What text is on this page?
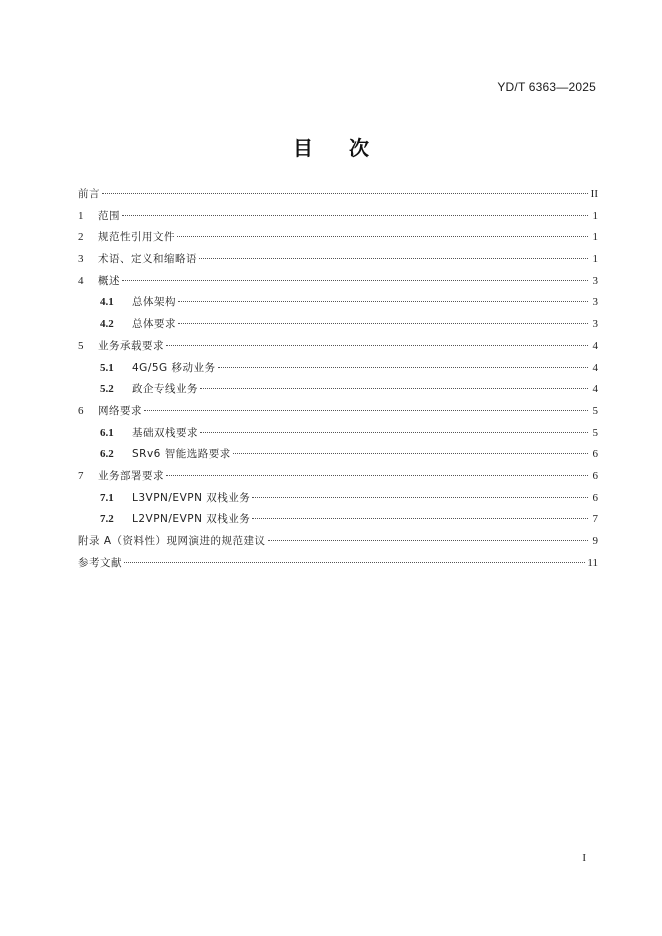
YD/T 6363—2025
目 次
前言	II
1	范围	1
2	规范性引用文件	1
3	术语、定义和缩略语	1
4	概述	3
4.1	总体架构	3
4.2	总体要求	3
5	业务承载要求	4
5.1	4G/5G 移动业务	4
5.2	政企专线业务	4
6	网络要求	5
6.1	基础双栈要求	5
6.2	SRv6 智能选路要求	6
7	业务部署要求	6
7.1	L3VPN/EVPN 双栈业务	6
7.2	L2VPN/EVPN 双栈业务	7
附录 A（资料性）现网演进的规范建议	9
参考文献	11
I
